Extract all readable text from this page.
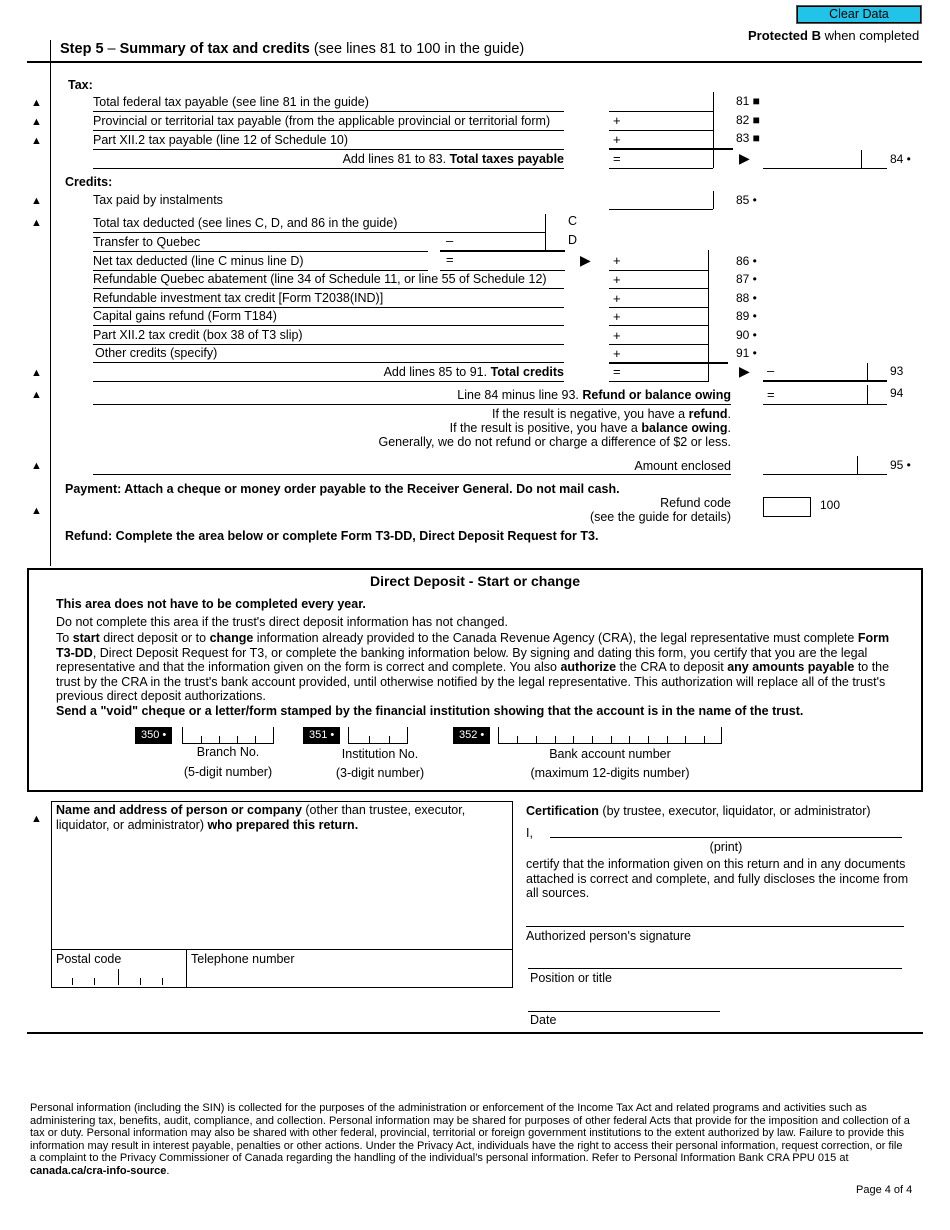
Clear Data
Protected B when completed
Step 5 – Summary of tax and credits (see lines 81 to 100 in the guide)
Tax:
▲	Total federal tax payable (see line 81 in the guide)	81 ■
▲	Provincial or territorial tax payable (from the applicable provincial or territorial form)	+	82 ■
▲	Part XII.2 tax payable (line 12 of Schedule 10)	+	83 ■
Add lines 81 to 83. Total taxes payable	=	▶	84 •
Credits:
▲	Tax paid by instalments	85 •
▲	Total tax deducted (see lines C, D, and 86 in the guide)	C
Transfer to Quebec	–	D
Net tax deducted (line C minus line D)	=	▶ +	86 •
Refundable Quebec abatement (line 34 of Schedule 11, or line 55 of Schedule 12)	+	87 •
Refundable investment tax credit [Form T2038(IND)]	+	88 •
Capital gains refund (Form T184)	+	89 •
Part XII.2 tax credit (box 38 of T3 slip)	+	90 •
Other credits (specify)	+	91 •
▲	Add lines 85 to 91. Total credits	=	▶ –	93
▲	Line 84 minus line 93. Refund or balance owing	=	94
If the result is negative, you have a refund.
If the result is positive, you have a balance owing.
Generally, we do not refund or charge a difference of $2 or less.
▲	Amount enclosed	95 •
Payment: Attach a cheque or money order payable to the Receiver General. Do not mail cash.
▲
Refund code
(see the guide for details)
100
Refund: Complete the area below or complete Form T3-DD, Direct Deposit Request for T3.
Direct Deposit - Start or change
This area does not have to be completed every year.
Do not complete this area if the trust's direct deposit information has not changed.
To start direct deposit or to change information already provided to the Canada Revenue Agency (CRA), the legal representative must complete Form T3-DD, Direct Deposit Request for T3, or complete the banking information below. By signing and dating this form, you certify that you are the legal representative and that the information given on the form is correct and complete. You also authorize the CRA to deposit any amounts payable to the trust by the CRA in the trust's bank account provided, until otherwise notified by the legal representative. This authorization will replace all of the trust's previous direct deposit authorizations.
Send a "void" cheque or a letter/form stamped by the financial institution showing that the account is in the name of the trust.
350 •
Branch No.
(5-digit number)
351 •
Institution No.
(3-digit number)
352 •
Bank account number
(maximum 12-digits number)
▲
Name and address of person or company (other than trustee, executor, liquidator, or administrator) who prepared this return.
Postal code	Telephone number
Certification (by trustee, executor, liquidator, or administrator)
I,
(print)
certify that the information given on this return and in any documents attached is correct and complete, and fully discloses the income from all sources.
Authorized person's signature
Position or title
Date
Personal information (including the SIN) is collected for the purposes of the administration or enforcement of the Income Tax Act and related programs and activities such as administering tax, benefits, audit, compliance, and collection. Personal information may be shared for purposes of other federal Acts that provide for the imposition and collection of a tax or duty. Personal information may also be shared with other federal, provincial, territorial or foreign government institutions to the extent authorized by law. Failure to provide this information may result in interest payable, penalties or other actions. Under the Privacy Act, individuals have the right to access their personal information, request correction, or file a complaint to the Privacy Commissioner of Canada regarding the handling of the individual’s personal information. Refer to Personal Information Bank CRA PPU 015 at canada.ca/cra-info-source.
Page 4 of 4
